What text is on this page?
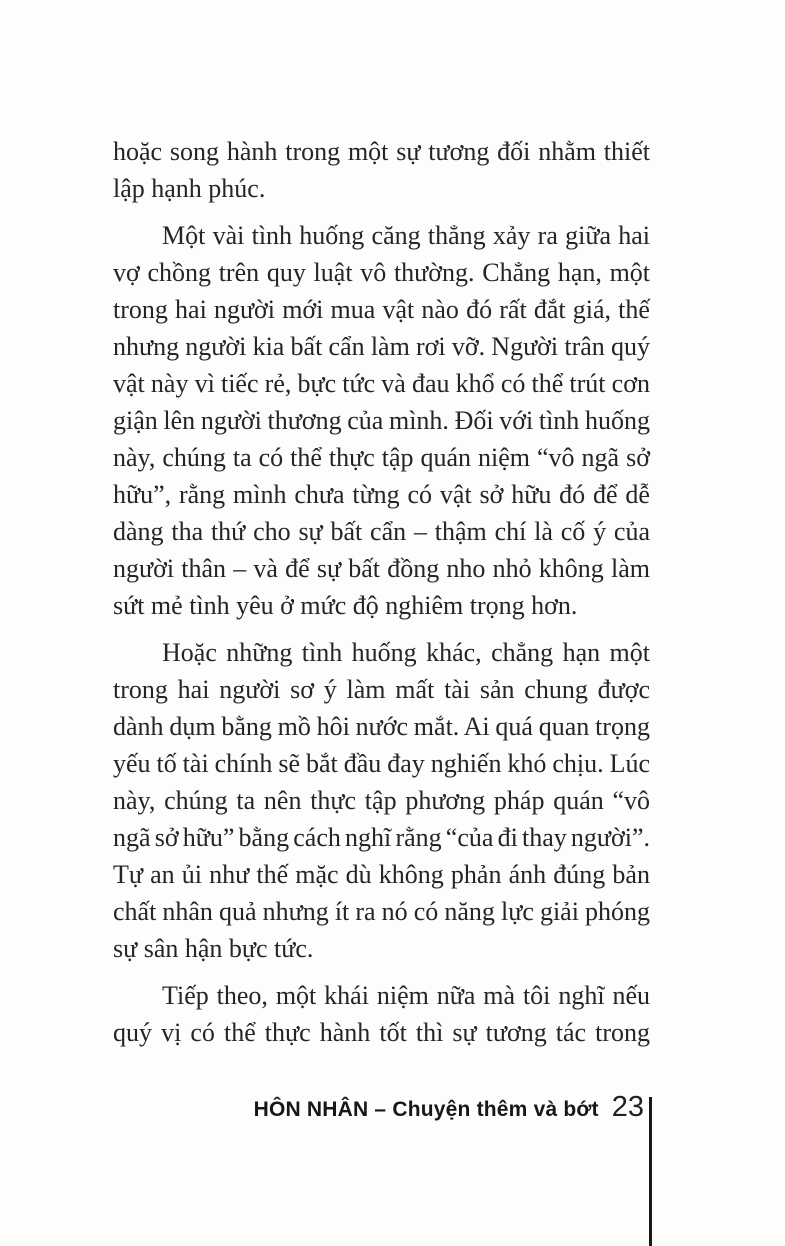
hoặc song hành trong một sự tương đối nhằm thiết
lập hạnh phúc.
Một vài tình huống căng thẳng xảy ra giữa hai
vợ chồng trên quy luật vô thường. Chẳng hạn, một
trong hai người mới mua vật nào đó rất đắt giá, thế
nhưng người kia bất cẩn làm rơi vỡ. Người trân quý
vật này vì tiếc rẻ, bực tức và đau khổ có thể trút cơn
giận lên người thương của mình. Đối với tình huống
này, chúng ta có thể thực tập quán niệm “vô ngã sở
hữu”, rằng mình chưa từng có vật sở hữu đó để dễ
dàng tha thứ cho sự bất cẩn – thậm chí là cố ý của
người thân – và để sự bất đồng nho nhỏ không làm
sứt mẻ tình yêu ở mức độ nghiêm trọng hơn.
Hoặc những tình huống khác, chẳng hạn một
trong hai người sơ ý làm mất tài sản chung được
dành dụm bằng mồ hôi nước mắt. Ai quá quan trọng
yếu tố tài chính sẽ bắt đầu đay nghiến khó chịu. Lúc
này, chúng ta nên thực tập phương pháp quán “vô
ngã sở hữu” bằng cách nghĩ rằng “của đi thay người”.
Tự an ủi như thế mặc dù không phản ánh đúng bản
chất nhân quả nhưng ít ra nó có năng lực giải phóng
sự sân hận bực tức.
Tiếp theo, một khái niệm nữa mà tôi nghĩ nếu
quý vị có thể thực hành tốt thì sự tương tác trong
HÔN NHÂN – Chuyện thêm và bớt 23
